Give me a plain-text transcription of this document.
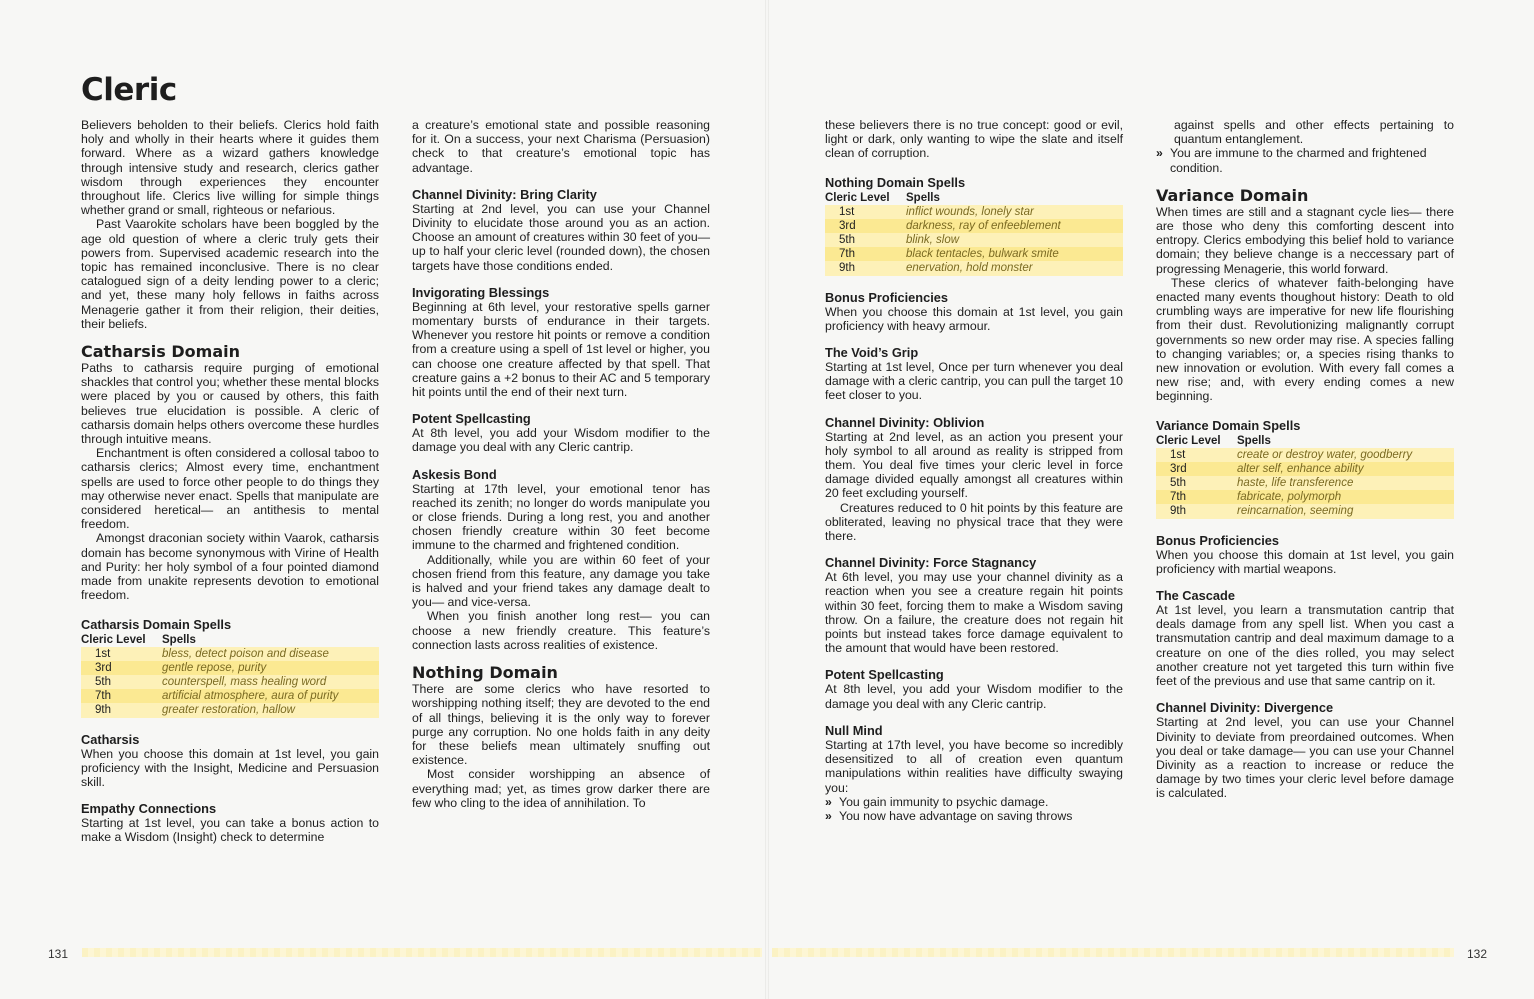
Cleric

Believers beholden to their beliefs. Clerics hold faith holy and wholly in their hearts where it guides them forward. Where as a wizard gathers knowledge through intensive study and research, clerics gather wisdom through experiences they encounter throughout life. Clerics live willing for simple things whether grand or small, righteous or nefarious.

Past Vaarokite scholars have been boggled by the age old question of where a cleric truly gets their powers from. Supervised academic research into the topic has remained inconclusive. There is no clear catalogued sign of a deity lending power to a cleric; and yet, these many holy fellows in faiths across Menagerie gather it from their religion, their deities, their beliefs.

Catharsis Domain

Paths to catharsis require purging of emotional shackles that control you; whether these mental blocks were placed by you or caused by others, this faith believes true elucidation is possible. A cleric of catharsis domain helps others overcome these hurdles through intuitive means.

Enchantment is often considered a collosal taboo to catharsis clerics; Almost every time, enchantment spells are used to force other people to do things they may otherwise never enact. Spells that manipulate are considered heretical— an antithesis to mental freedom.

Amongst draconian society within Vaarok, catharsis domain has become synonymous with Virine of Health and Purity: her holy symbol of a four pointed diamond made from unakite represents devotion to emotional freedom.

Catharsis Domain Spells
Cleric Level	Spells
1st	bless, detect poison and disease
3rd	gentle repose, purity
5th	counterspell, mass healing word
7th	artificial atmosphere, aura of purity
9th	greater restoration, hallow
Catharsis

When you choose this domain at 1st level, you gain proficiency with the Insight, Medicine and Persuasion skill.

Empathy Connections

Starting at 1st level, you can take a bonus action to make a Wisdom (Insight) check to determine

a creature’s emotional state and possible reasoning for it. On a success, your next Charisma (Persuasion) check to that creature’s emotional topic has advantage.

Channel Divinity: Bring Clarity

Starting at 2nd level, you can use your Channel Divinity to elucidate those around you as an action. Choose an amount of creatures within 30 feet of you— up to half your cleric level (rounded down), the chosen targets have those conditions ended.

Invigorating Blessings

Beginning at 6th level, your restorative spells garner momentary bursts of endurance in their targets. Whenever you restore hit points or remove a condition from a creature using a spell of 1st level or higher, you can choose one creature affected by that spell. That creature gains a +2 bonus to their AC and 5 temporary hit points until the end of their next turn.

Potent Spellcasting

At 8th level, you add your Wisdom modifier to the damage you deal with any Cleric cantrip.

Askesis Bond

Starting at 17th level, your emotional tenor has reached its zenith; no longer do words manipulate you or close friends. During a long rest, you and another chosen friendly creature within 30 feet become immune to the charmed and frightened condition.

Additionally, while you are within 60 feet of your chosen friend from this feature, any damage you take is halved and your friend takes any damage dealt to you— and vice-versa.

When you finish another long rest— you can choose a new friendly creature. This feature’s connection lasts across realities of existence.

Nothing Domain

There are some clerics who have resorted to worshipping nothing itself; they are devoted to the end of all things, believing it is the only way to forever purge any corruption. No one holds faith in any deity for these beliefs mean ultimately snuffing out existence.

Most consider worshipping an absence of everything mad; yet, as times grow darker there are few who cling to the idea of annihilation. To

these believers there is no true concept: good or evil, light or dark, only wanting to wipe the slate and itself clean of corruption.

Nothing Domain Spells
Cleric Level	Spells
1st	inflict wounds, lonely star
3rd	darkness, ray of enfeeblement
5th	blink, slow
7th	black tentacles, bulwark smite
9th	enervation, hold monster
Bonus Proficiencies

When you choose this domain at 1st level, you gain proficiency with heavy armour.

The Void’s Grip

Starting at 1st level, Once per turn whenever you deal damage with a cleric cantrip, you can pull the target 10 feet closer to you.

Channel Divinity: Oblivion

Starting at 2nd level, as an action you present your holy symbol to all around as reality is stripped from them. You deal five times your cleric level in force damage divided equally amongst all creatures within 20 feet excluding yourself.

Creatures reduced to 0 hit points by this feature are obliterated, leaving no physical trace that they were there.

Channel Divinity: Force Stagnancy

At 6th level, you may use your channel divinity as a reaction when you see a creature regain hit points within 30 feet, forcing them to make a Wisdom saving throw. On a failure, the creature does not regain hit points but instead takes force damage equivalent to the amount that would have been restored.

Potent Spellcasting

At 8th level, you add your Wisdom modifier to the damage you deal with any Cleric cantrip.

Null Mind

Starting at 17th level, you have become so incredibly desensitized to all of creation even quantum manipulations within realities have difficulty swaying you:

» You gain immunity to psychic damage.
» You now have advantage on saving throws

against spells and other effects pertaining to quantum entanglement.

» You are immune to the charmed and frightened condition.
Variance Domain

When times are still and a stagnant cycle lies— there are those who deny this comforting descent into entropy. Clerics embodying this belief hold to variance domain; they believe change is a neccessary part of progressing Menagerie, this world forward.

These clerics of whatever faith-belonging have enacted many events thoughout history: Death to old crumbling ways are imperative for new life flourishing from their dust. Revolutionizing malignantly corrupt governments so new order may rise. A species falling to changing variables; or, a species rising thanks to new innovation or evolution. With every fall comes a new rise; and, with every ending comes a new beginning.

Variance Domain Spells
Cleric Level	Spells
1st	create or destroy water, goodberry
3rd	alter self, enhance ability
5th	haste, life transference
7th	fabricate, polymorph
9th	reincarnation, seeming
Bonus Proficiencies

When you choose this domain at 1st level, you gain proficiency with martial weapons.

The Cascade

At 1st level, you learn a transmutation cantrip that deals damage from any spell list. When you cast a transmutation cantrip and deal maximum damage to a creature on one of the dies rolled, you may select another creature not yet targeted this turn within five feet of the previous and use that same cantrip on it.

Channel Divinity: Divergence

Starting at 2nd level, you can use your Channel Divinity to deviate from preordained outcomes. When you deal or take damage— you can use your Channel Divinity as a reaction to increase or reduce the damage by two times your cleric level before damage is calculated.

131	132
